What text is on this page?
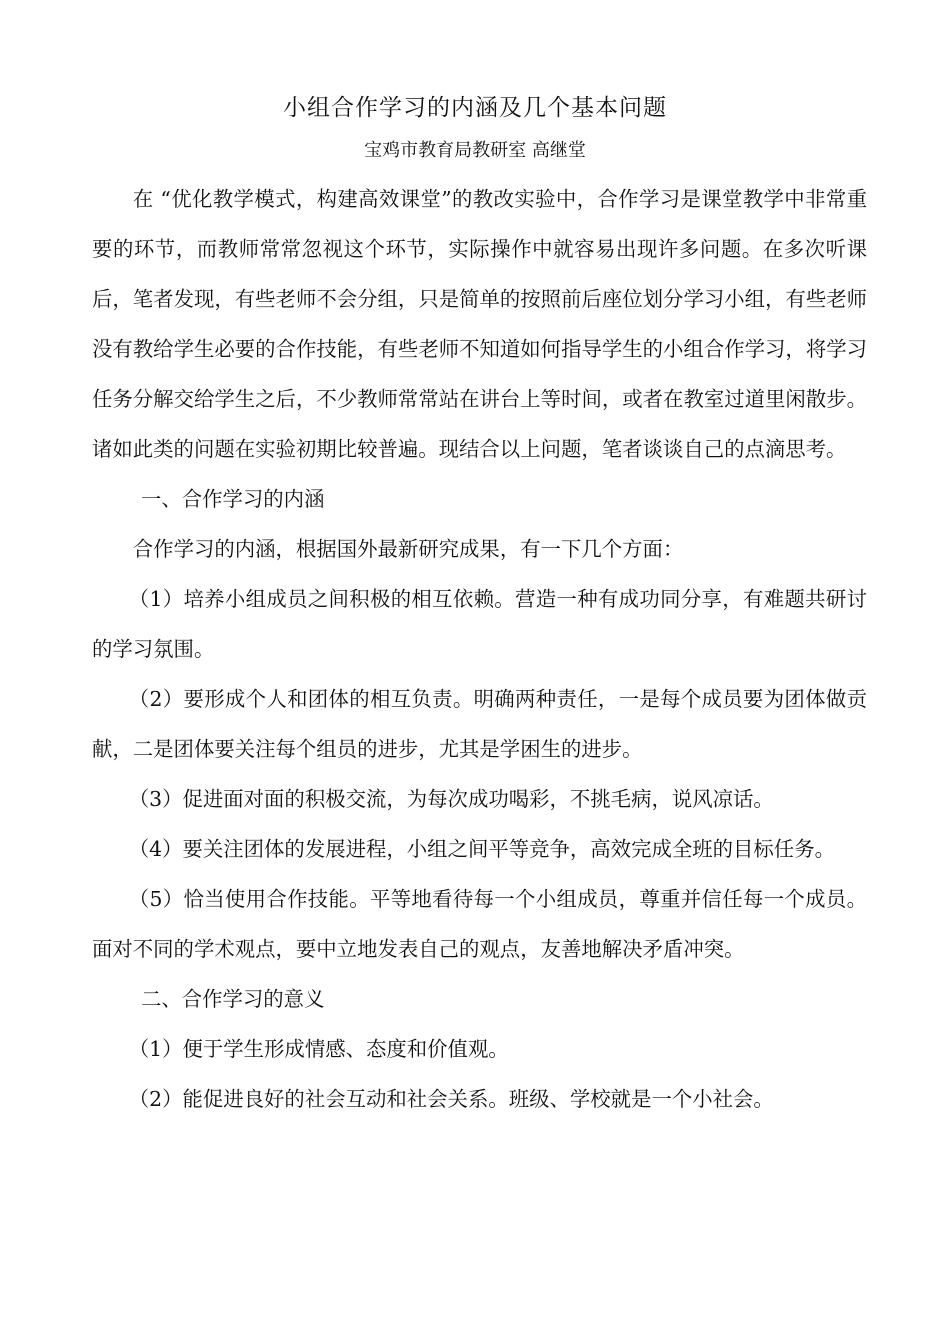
小组合作学习的内涵及几个基本问题

宝鸡市教育局教研室 高继堂

在 “优化教学模式，构建高效课堂”的教改实验中，合作学习是课堂教学中非常重要的环节，而教师常常忽视这个环节，实际操作中就容易出现许多问题。在多次听课后，笔者发现，有些老师不会分组，只是简单的按照前后座位划分学习小组，有些老师没有教给学生必要的合作技能，有些老师不知道如何指导学生的小组合作学习，将学习任务分解交给学生之后，不少教师常常站在讲台上等时间，或者在教室过道里闲散步。诸如此类的问题在实验初期比较普遍。现结合以上问题，笔者谈谈自己的点滴思考。

一、合作学习的内涵

合作学习的内涵，根据国外最新研究成果，有一下几个方面：

（1）培养小组成员之间积极的相互依赖。营造一种有成功同分享，有难题共研讨的学习氛围。

（2）要形成个人和团体的相互负责。明确两种责任，一是每个成员要为团体做贡献，二是团体要关注每个组员的进步，尤其是学困生的进步。

（3）促进面对面的积极交流，为每次成功喝彩，不挑毛病，说风凉话。

（4）要关注团体的发展进程，小组之间平等竞争，高效完成全班的目标任务。

（5）恰当使用合作技能。平等地看待每一个小组成员，尊重并信任每一个成员。面对不同的学术观点，要中立地发表自己的观点，友善地解决矛盾冲突。

二、合作学习的意义

（1）便于学生形成情感、态度和价值观。

（2）能促进良好的社会互动和社会关系。班级、学校就是一个小社会。
